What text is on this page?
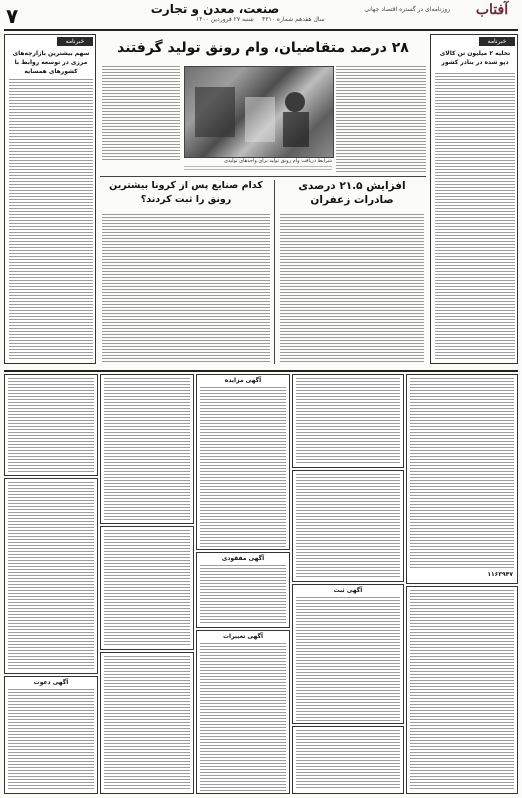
۷	شنبه ۲۷ فروردین ۱۴۰۰
صنعت، معدن و تجارت
سال هفدهم شماره ۴۳۱۰
روزنامه‌ای در گستره اقتصاد جهانی	آفتاب
خبرنامه
سهم بیشترین بازارچه‌های مرزی در توسعه روابط با کشورهای همسایه
خبرنامه
تخلیه ۲ میلیون تن کالای دپو شده در بنادر کشور
۲۸ درصد متقاضیان، وام رونق تولید گرفتند
شرایط دریافت وام رونق تولید برای واحدهای تولیدی
کدام صنایع پس از کرونا بیشترین
رونق را ثبت کردند؟
افزایش ۲۱.۵ درصدی
صادرات زعفران
آگهی دعوت
آگهی مزایده
آگهی مفقودی
آگهی تغییرات
آگهی ثبت
۱۱۶۳۹۴۷
